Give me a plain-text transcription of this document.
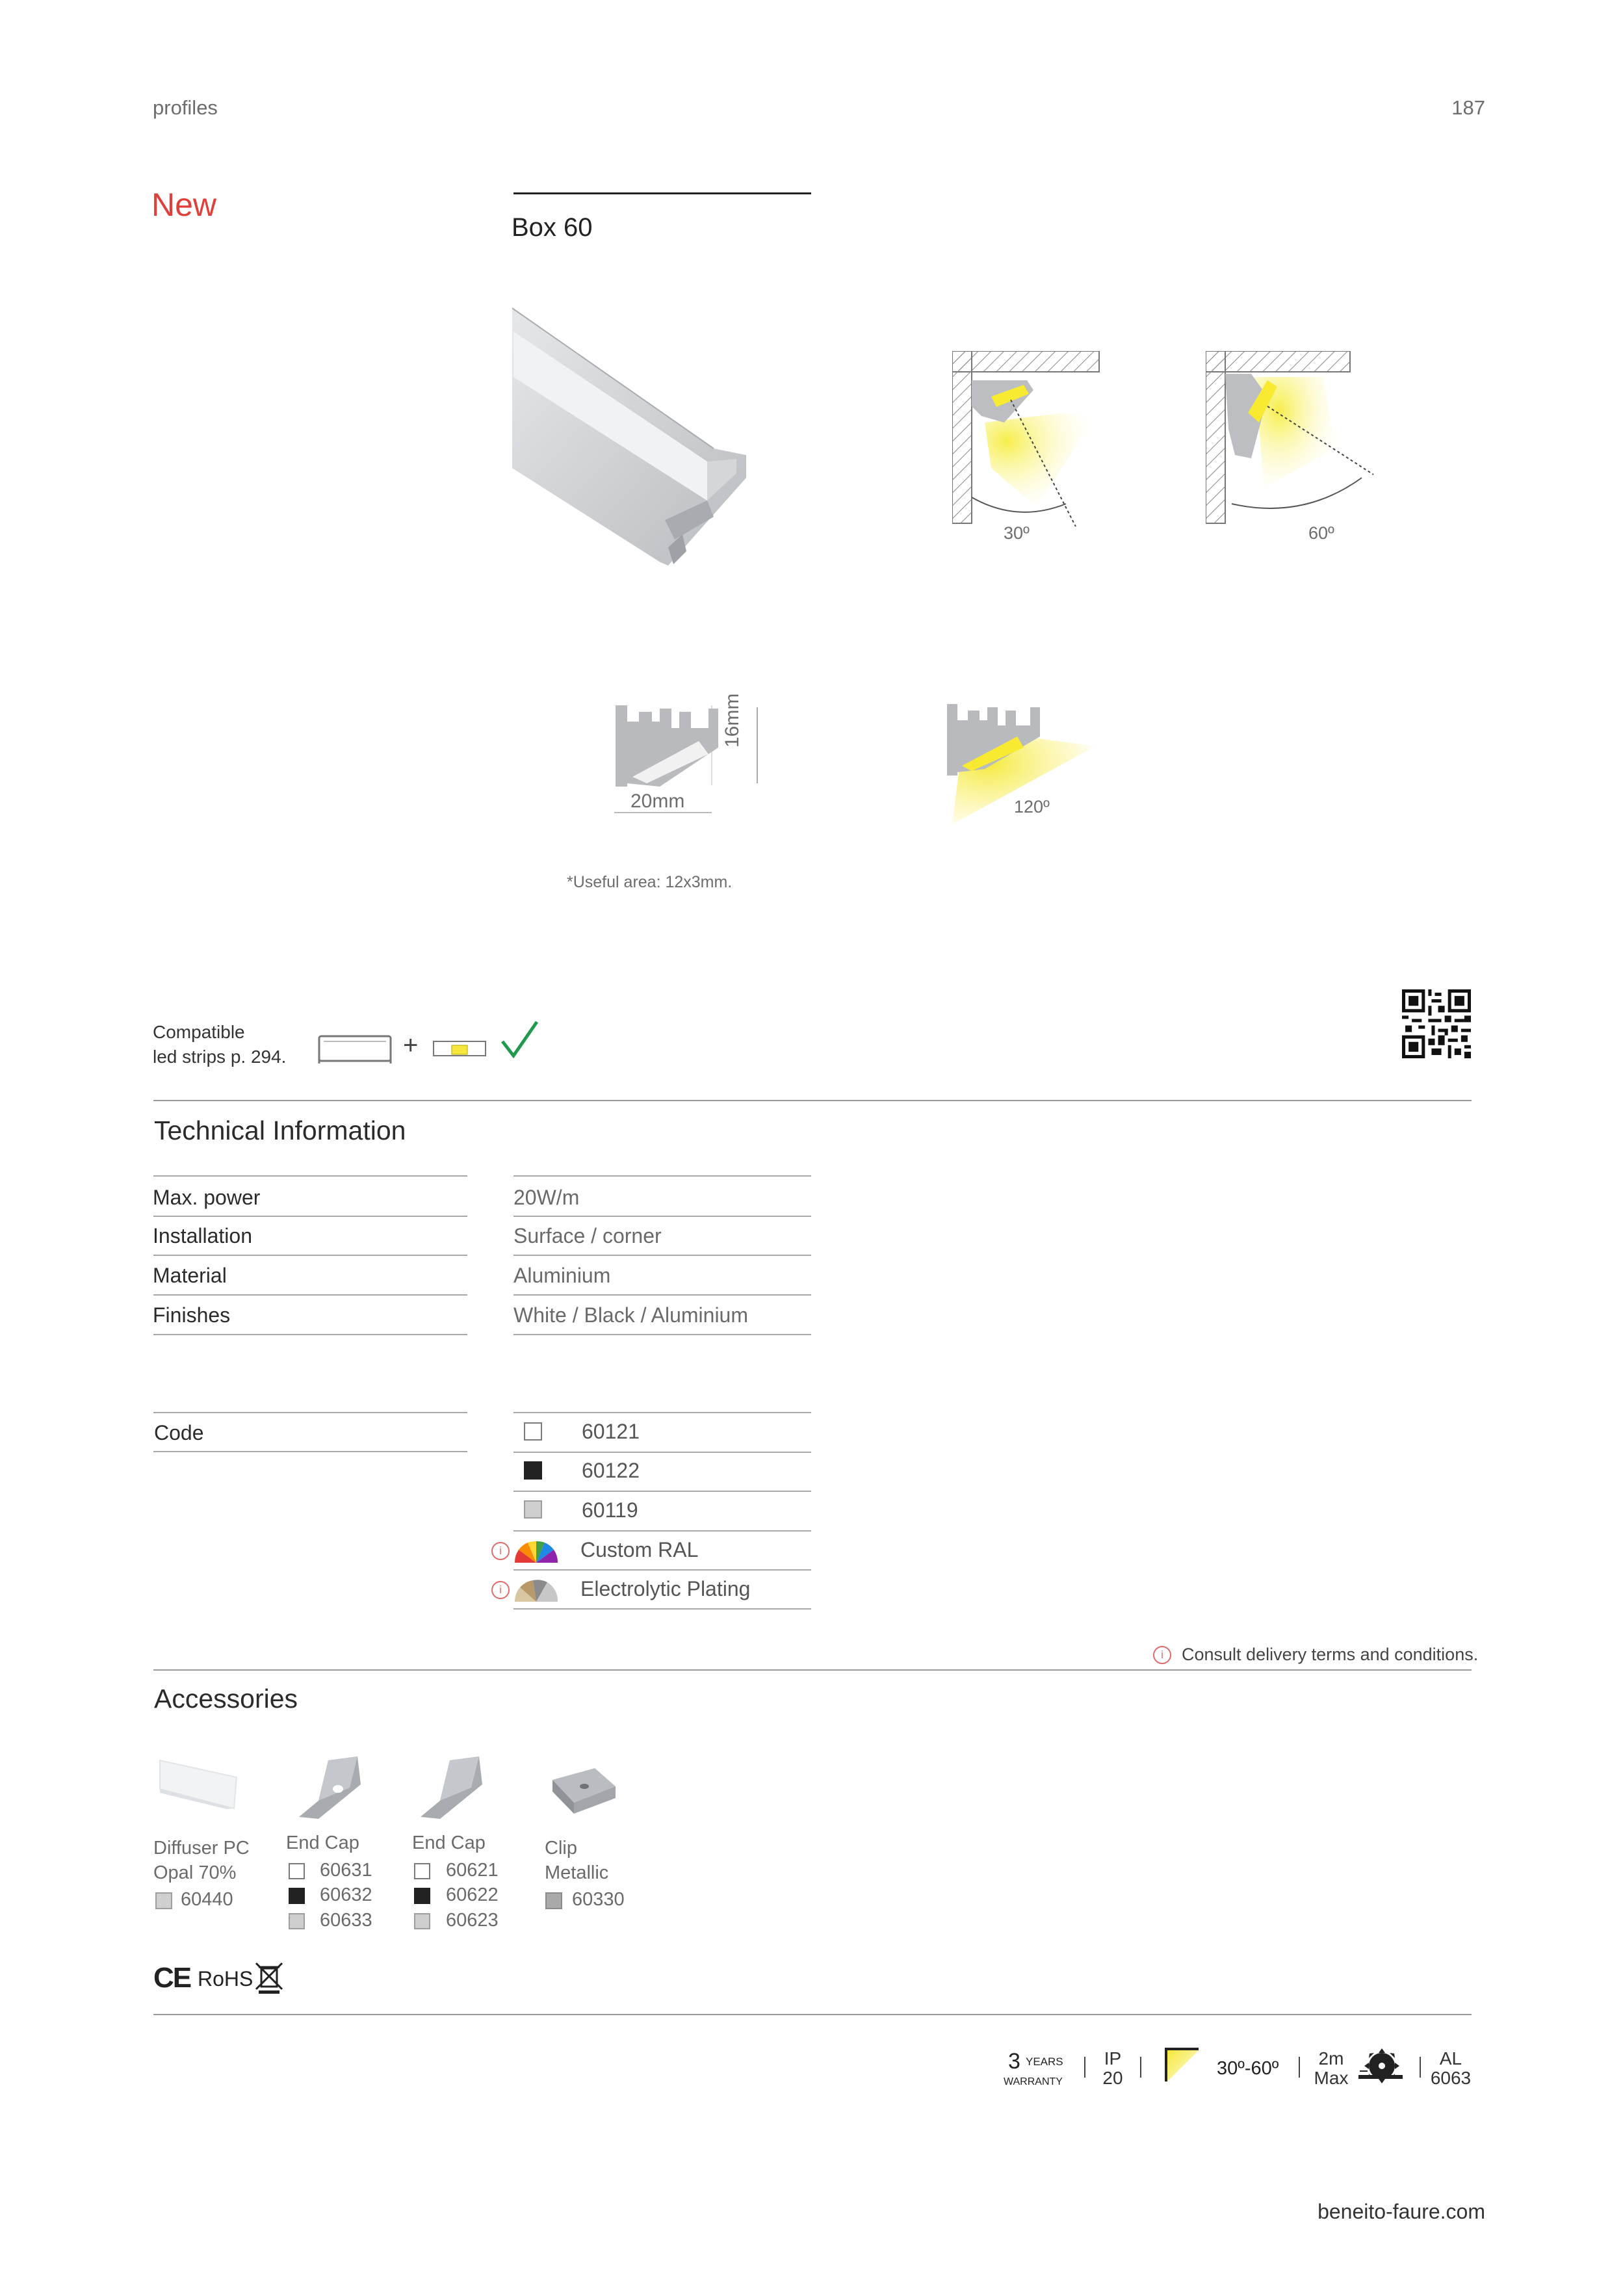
profiles	187
New
Box 60
30º	60º
16mm
20mm	120º
*Useful area: 12x3mm.
Compatible
led strips p. 294.	+
Technical Information
Max. power	20W/m
Installation	Surface / corner
Material	Aluminium
Finishes	White / Black / Aluminium
Code	60121
60122
60119
i	Custom RAL
i	Electrolytic Plating
i	Consult delivery terms and conditions.
Accessories
Diffuser PC
Opal 70%
60440
End Cap
60631
60632
60633
End Cap
60621
60622
60623
Clip
Metallic
60330
CE RoHS
3 YEARS
WARRANTY
IP
20	30º-60º	2m
Max
AL
6063
beneito-faure.com
